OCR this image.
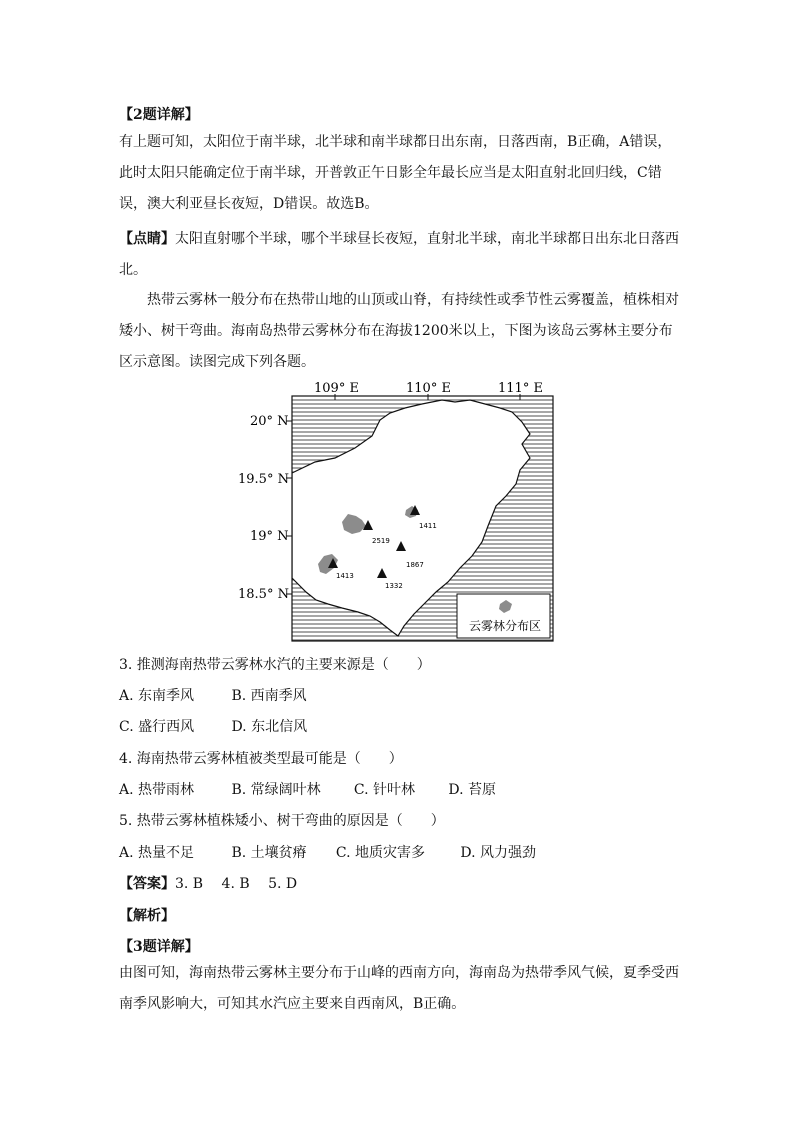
【2题详解】

有上题可知，太阳位于南半球，北半球和南半球都日出东南，日落西南，B正确，A错误，此时太阳只能确定位于南半球，开普敦正午日影全年最长应当是太阳直射北回归线，C错误，澳大利亚昼长夜短，D错误。故选B。

【点睛】太阳直射哪个半球，哪个半球昼长夜短，直射北半球，南北半球都日出东北日落西北。

热带云雾林一般分布在热带山地的山顶或山脊，有持续性或季节性云雾覆盖，植株相对矮小、树干弯曲。海南岛热带云雾林分布在海拔1200米以上，下图为该岛云雾林主要分布区示意图。读图完成下列各题。

109° E	110° E	111° E
20° N
19.5° N
19° N
18.5° N
1411
2519
1867
1413
1332
云雾林分布区
3. 推测海南热带云雾林水汽的主要来源是（　　）
A. 东南季风	B. 西南季风
C. 盛行西风	D. 东北信风
4. 海南热带云雾林植被类型最可能是（　　）
A. 热带雨林	B. 常绿阔叶林 C. 针叶林 D. 苔原
5. 热带云雾林植株矮小、树干弯曲的原因是（　　）
A. 热量不足	B. 土壤贫瘠 C. 地质灾害多	D. 风力强劲
【答案】3. B　 4. B　 5. D
【解析】
【3题详解】

由图可知，海南热带云雾林主要分布于山峰的西南方向，海南岛为热带季风气候，夏季受西南季风影响大，可知其水汽应主要来自西南风，B正确。
